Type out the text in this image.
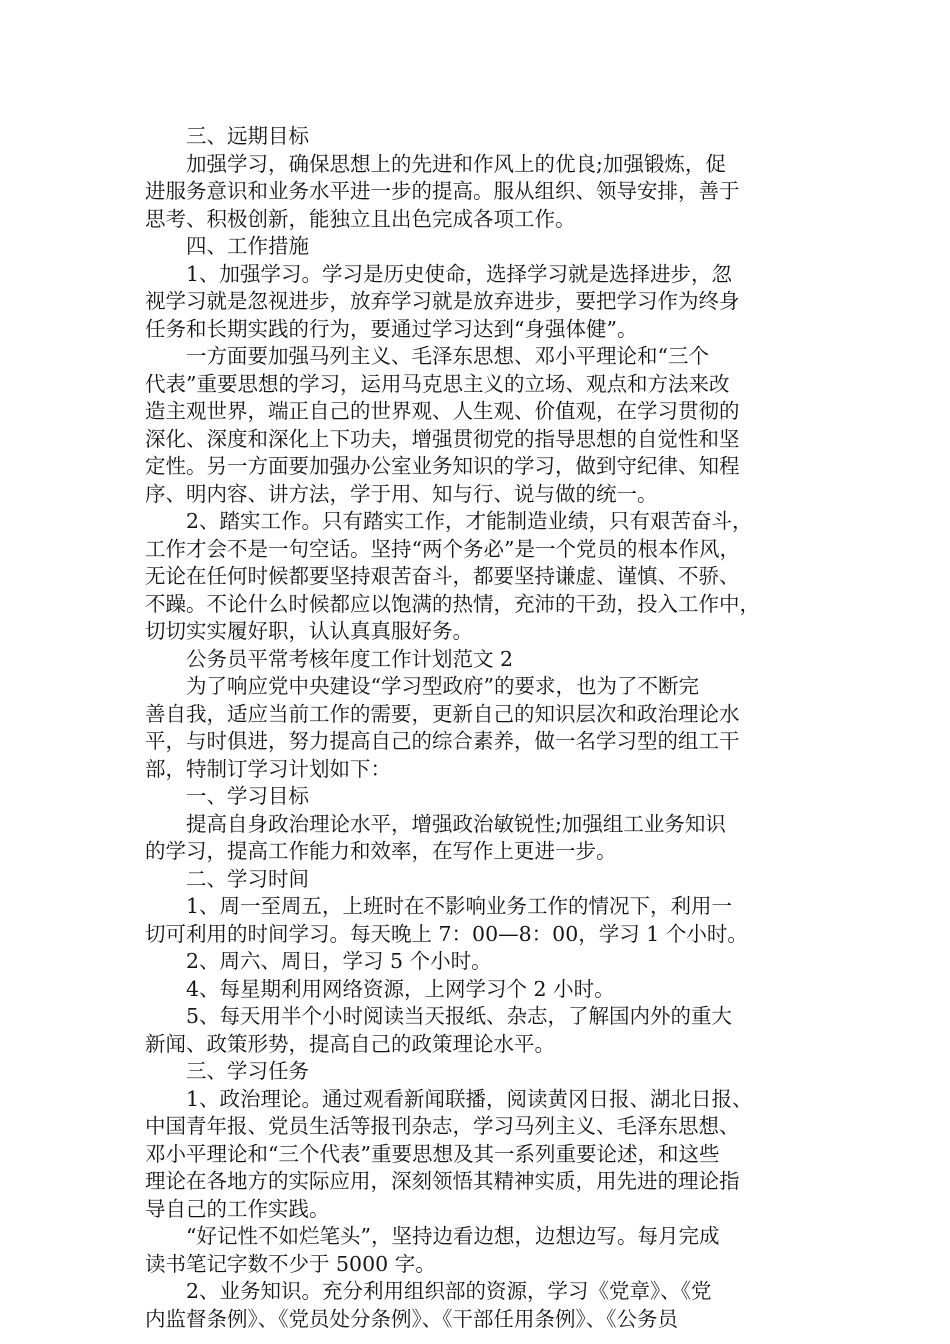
三、远期目标
加强学习，确保思想上的先进和作风上的优良;加强锻炼，促
进服务意识和业务水平进一步的提高。服从组织、领导安排，善于
思考、积极创新，能独立且出色完成各项工作。
四、工作措施
1、加强学习。学习是历史使命，选择学习就是选择进步，忽
视学习就是忽视进步，放弃学习就是放弃进步，要把学习作为终身
任务和长期实践的行为，要通过学习达到“身强体健”。
一方面要加强马列主义、毛泽东思想、邓小平理论和“三个
代表”重要思想的学习，运用马克思主义的立场、观点和方法来改
造主观世界，端正自己的世界观、人生观、价值观，在学习贯彻的
深化、深度和深化上下功夫，增强贯彻党的指导思想的自觉性和坚
定性。另一方面要加强办公室业务知识的学习，做到守纪律、知程
序、明内容、讲方法，学于用、知与行、说与做的统一。
2、踏实工作。只有踏实工作，才能制造业绩，只有艰苦奋斗，
工作才会不是一句空话。坚持“两个务必”是一个党员的根本作风，
无论在任何时候都要坚持艰苦奋斗，都要坚持谦虚、谨慎、不骄、
不躁。不论什么时候都应以饱满的热情，充沛的干劲，投入工作中，
切切实实履好职，认认真真服好务。
公务员平常考核年度工作计划范文 2
为了响应党中央建设“学习型政府”的要求，也为了不断完
善自我，适应当前工作的需要，更新自己的知识层次和政治理论水
平，与时俱进，努力提高自己的综合素养，做一名学习型的组工干
部，特制订学习计划如下：
一、学习目标
提高自身政治理论水平，增强政治敏锐性;加强组工业务知识
的学习，提高工作能力和效率，在写作上更进一步。
二、学习时间
1、周一至周五，上班时在不影响业务工作的情况下，利用一
切可利用的时间学习。每天晚上 7：00—8：00，学习 1 个小时。
2、周六、周日，学习 5 个小时。
4、每星期利用网络资源，上网学习个 2 小时。
5、每天用半个小时阅读当天报纸、杂志，了解国内外的重大
新闻、政策形势，提高自己的政策理论水平。
三、学习任务
1、政治理论。通过观看新闻联播，阅读黄冈日报、湖北日报、
中国青年报、党员生活等报刊杂志，学习马列主义、毛泽东思想、
邓小平理论和“三个代表”重要思想及其一系列重要论述，和这些
理论在各地方的实际应用，深刻领悟其精神实质，用先进的理论指
导自己的工作实践。
“好记性不如烂笔头”，坚持边看边想，边想边写。每月完成
读书笔记字数不少于 5000 字。
2、业务知识。充分利用组织部的资源，学习《党章》、《党
内监督条例》、《党员处分条例》、《干部任用条例》、《公务员
